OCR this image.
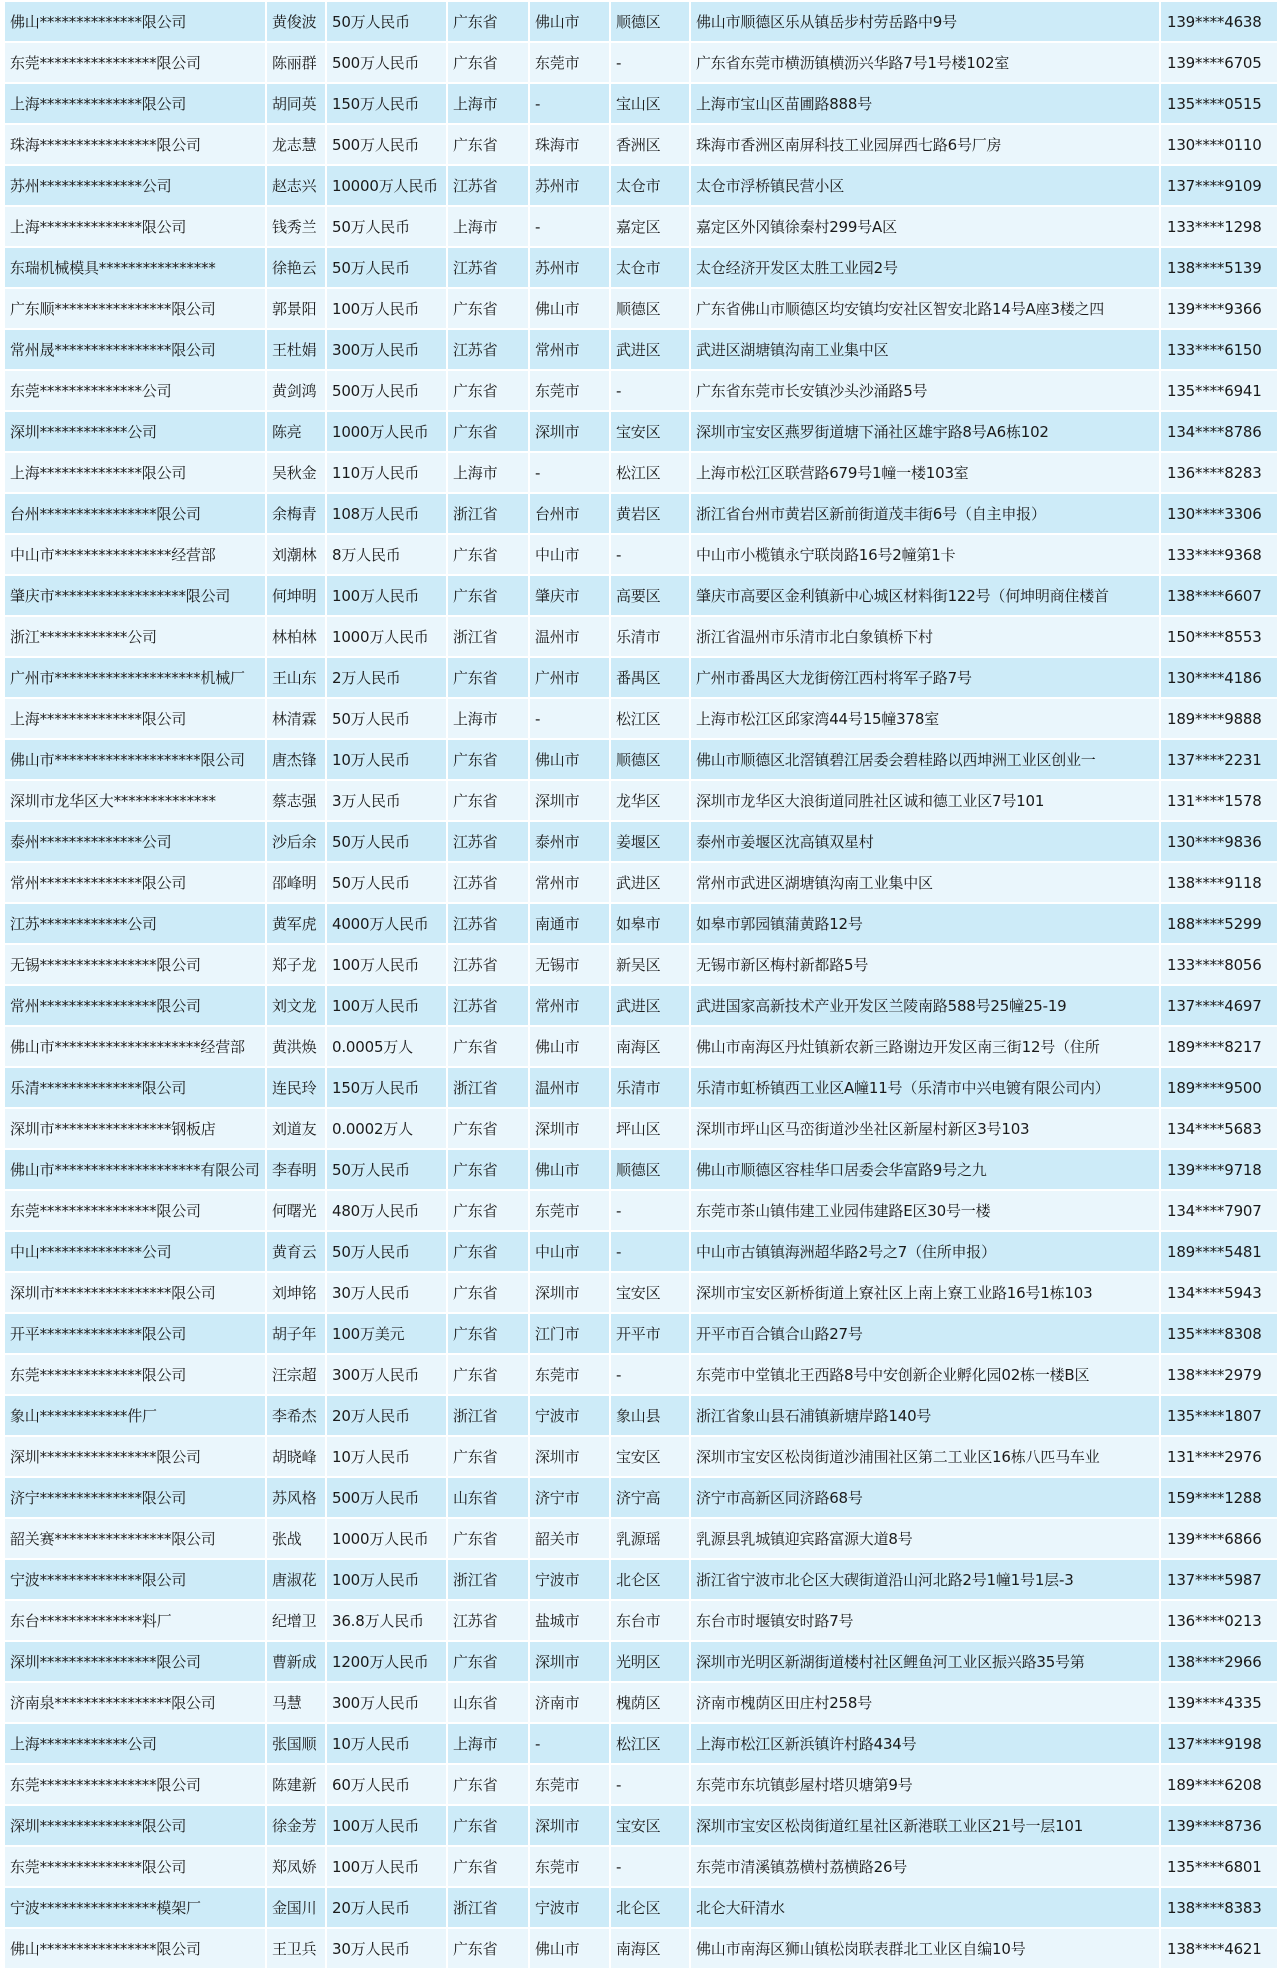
佛山**************限公司	黄俊波	50万人民币	广东省	佛山市	顺德区	佛山市顺德区乐从镇岳步村劳岳路中9号	139****4638
东莞****************限公司	陈丽群	500万人民币	广东省	东莞市	-	广东省东莞市横沥镇横沥兴华路7号1号楼102室	139****6705
上海**************限公司	胡同英	150万人民币	上海市	-	宝山区	上海市宝山区苗圃路888号	135****0515
珠海****************限公司	龙志慧	500万人民币	广东省	珠海市	香洲区	珠海市香洲区南屏科技工业园屏西七路6号厂房	130****0110
苏州**************公司	赵志兴	10000万人民币	江苏省	苏州市	太仓市	太仓市浮桥镇民营小区	137****9109
上海**************限公司	钱秀兰	50万人民币	上海市	-	嘉定区	嘉定区外冈镇徐秦村299号A区	133****1298
东瑞机械模具****************	徐艳云	50万人民币	江苏省	苏州市	太仓市	太仓经济开发区太胜工业园2号	138****5139
广东顺****************限公司	郭景阳	100万人民币	广东省	佛山市	顺德区	广东省佛山市顺德区均安镇均安社区智安北路14号A座3楼之四	139****9366
常州晟****************限公司	王杜娟	300万人民币	江苏省	常州市	武进区	武进区湖塘镇沟南工业集中区	133****6150
东莞**************公司	黄剑鸿	500万人民币	广东省	东莞市	-	广东省东莞市长安镇沙头沙涌路5号	135****6941
深圳************公司	陈亮	1000万人民币	广东省	深圳市	宝安区	深圳市宝安区燕罗街道塘下涌社区雄宇路8号A6栋102	134****8786
上海**************限公司	吴秋金	110万人民币	上海市	-	松江区	上海市松江区联营路679号1幢一楼103室	136****8283
台州****************限公司	余梅青	108万人民币	浙江省	台州市	黄岩区	浙江省台州市黄岩区新前街道茂丰街6号（自主申报）	130****3306
中山市****************经营部	刘潮林	8万人民币	广东省	中山市	-	中山市小榄镇永宁联岗路16号2幢第1卡	133****9368
肇庆市******************限公司	何坤明	100万人民币	广东省	肇庆市	高要区	肇庆市高要区金利镇新中心城区材料街122号（何坤明商住楼首	138****6607
浙江************公司	林柏林	1000万人民币	浙江省	温州市	乐清市	浙江省温州市乐清市北白象镇桥下村	150****8553
广州市********************机械厂	王山东	2万人民币	广东省	广州市	番禺区	广州市番禺区大龙街傍江西村将军子路7号	130****4186
上海**************限公司	林清霖	50万人民币	上海市	-	松江区	上海市松江区邱家湾44号15幢378室	189****9888
佛山市********************限公司	唐杰锋	10万人民币	广东省	佛山市	顺德区	佛山市顺德区北滘镇碧江居委会碧桂路以西坤洲工业区创业一	137****2231
深圳市龙华区大**************	蔡志强	3万人民币	广东省	深圳市	龙华区	深圳市龙华区大浪街道同胜社区诚和德工业区7号101	131****1578
泰州**************公司	沙后余	50万人民币	江苏省	泰州市	姜堰区	泰州市姜堰区沈高镇双星村	130****9836
常州**************限公司	邵峰明	50万人民币	江苏省	常州市	武进区	常州市武进区湖塘镇沟南工业集中区	138****9118
江苏************公司	黄军虎	4000万人民币	江苏省	南通市	如皋市	如皋市郭园镇蒲黄路12号	188****5299
无锡****************限公司	郑子龙	100万人民币	江苏省	无锡市	新吴区	无锡市新区梅村新都路5号	133****8056
常州****************限公司	刘文龙	100万人民币	江苏省	常州市	武进区	武进国家高新技术产业开发区兰陵南路588号25幢25-19	137****4697
佛山市********************经营部	黄洪焕	0.0005万人	广东省	佛山市	南海区	佛山市南海区丹灶镇新农新三路谢边开发区南三街12号（住所	189****8217
乐清**************限公司	连民玲	150万人民币	浙江省	温州市	乐清市	乐清市虹桥镇西工业区A幢11号（乐清市中兴电镀有限公司内）	189****9500
深圳市****************钢板店	刘道友	0.0002万人	广东省	深圳市	坪山区	深圳市坪山区马峦街道沙坐社区新屋村新区3号103	134****5683
佛山市********************有限公司	李春明	50万人民币	广东省	佛山市	顺德区	佛山市顺德区容桂华口居委会华富路9号之九	139****9718
东莞****************限公司	何曙光	480万人民币	广东省	东莞市	-	东莞市茶山镇伟建工业园伟建路E区30号一楼	134****7907
中山**************公司	黄育云	50万人民币	广东省	中山市	-	中山市古镇镇海洲超华路2号之7（住所申报）	189****5481
深圳市****************限公司	刘坤铭	30万人民币	广东省	深圳市	宝安区	深圳市宝安区新桥街道上寮社区上南上寮工业路16号1栋103	134****5943
开平**************限公司	胡子年	100万美元	广东省	江门市	开平市	开平市百合镇合山路27号	135****8308
东莞**************限公司	汪宗超	300万人民币	广东省	东莞市	-	东莞市中堂镇北王西路8号中安创新企业孵化园02栋一楼B区	138****2979
象山************件厂	李希杰	20万人民币	浙江省	宁波市	象山县	浙江省象山县石浦镇新塘岸路140号	135****1807
深圳****************限公司	胡晓峰	10万人民币	广东省	深圳市	宝安区	深圳市宝安区松岗街道沙浦围社区第二工业区16栋八匹马车业	131****2976
济宁**************限公司	苏风格	500万人民币	山东省	济宁市	济宁高	济宁市高新区同济路68号	159****1288
韶关赛****************限公司	张战	1000万人民币	广东省	韶关市	乳源瑶	乳源县乳城镇迎宾路富源大道8号	139****6866
宁波**************限公司	唐淑花	100万人民币	浙江省	宁波市	北仑区	浙江省宁波市北仑区大碶街道沿山河北路2号1幢1号1层-3	137****5987
东台**************料厂	纪增卫	36.8万人民币	江苏省	盐城市	东台市	东台市时堰镇安时路7号	136****0213
深圳****************限公司	曹新成	1200万人民币	广东省	深圳市	光明区	深圳市光明区新湖街道楼村社区鲤鱼河工业区振兴路35号第	138****2966
济南泉****************限公司	马慧	300万人民币	山东省	济南市	槐荫区	济南市槐荫区田庄村258号	139****4335
上海************公司	张国顺	10万人民币	上海市	-	松江区	上海市松江区新浜镇许村路434号	137****9198
东莞****************限公司	陈建新	60万人民币	广东省	东莞市	-	东莞市东坑镇彭屋村塔贝塘第9号	189****6208
深圳**************限公司	徐金芳	100万人民币	广东省	深圳市	宝安区	深圳市宝安区松岗街道红星社区新港联工业区21号一层101	139****8736
东莞**************限公司	郑凤娇	100万人民币	广东省	东莞市	-	东莞市清溪镇荔横村荔横路26号	135****6801
宁波****************模架厂	金国川	20万人民币	浙江省	宁波市	北仑区	北仑大矸清水	138****8383
佛山****************限公司	王卫兵	30万人民币	广东省	佛山市	南海区	佛山市南海区狮山镇松岗联表群北工业区自编10号	138****4621
